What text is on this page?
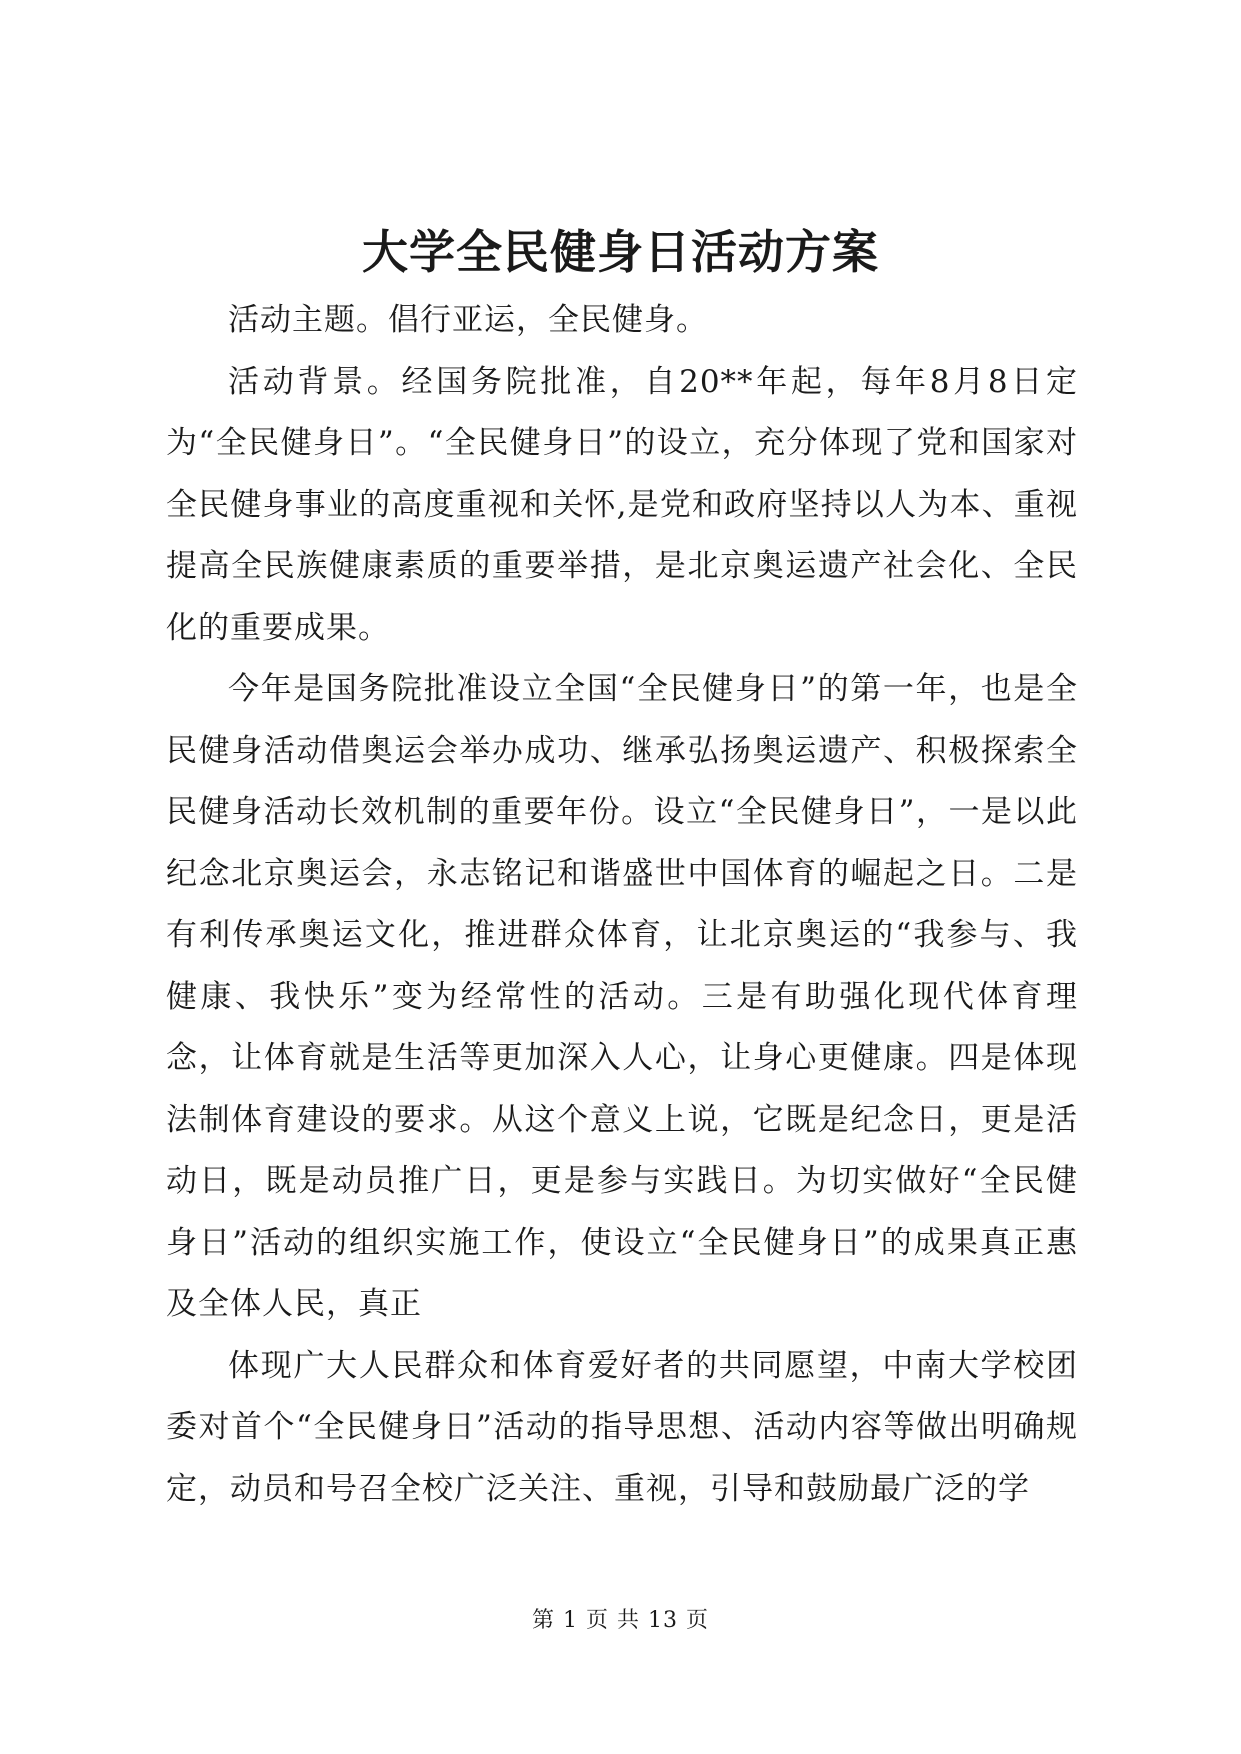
大学全民健身日活动方案

活动主题。倡行亚运，全民健身。

活动背景。经国务院批准，自20**年起，每年8月8日定为“全民健身日”。“全民健身日”的设立，充分体现了党和国家对全民健身事业的高度重视和关怀,是党和政府坚持以人为本、重视提高全民族健康素质的重要举措，是北京奥运遗产社会化、全民化的重要成果。

今年是国务院批准设立全国“全民健身日”的第一年，也是全民健身活动借奥运会举办成功、继承弘扬奥运遗产、积极探索全民健身活动长效机制的重要年份。设立“全民健身日”，一是以此纪念北京奥运会，永志铭记和谐盛世中国体育的崛起之日。二是有利传承奥运文化，推进群众体育，让北京奥运的“我参与、我健康、我快乐”变为经常性的活动。三是有助强化现代体育理念，让体育就是生活等更加深入人心，让身心更健康。四是体现法制体育建设的要求。从这个意义上说，它既是纪念日，更是活动日，既是动员推广日，更是参与实践日。为切实做好“全民健身日”活动的组织实施工作，使设立“全民健身日”的成果真正惠及全体人民，真正

体现广大人民群众和体育爱好者的共同愿望，中南大学校团委对首个“全民健身日”活动的指导思想、活动内容等做出明确规定，动员和号召全校广泛关注、重视，引导和鼓励最广泛的学

第 1 页 共 13 页
